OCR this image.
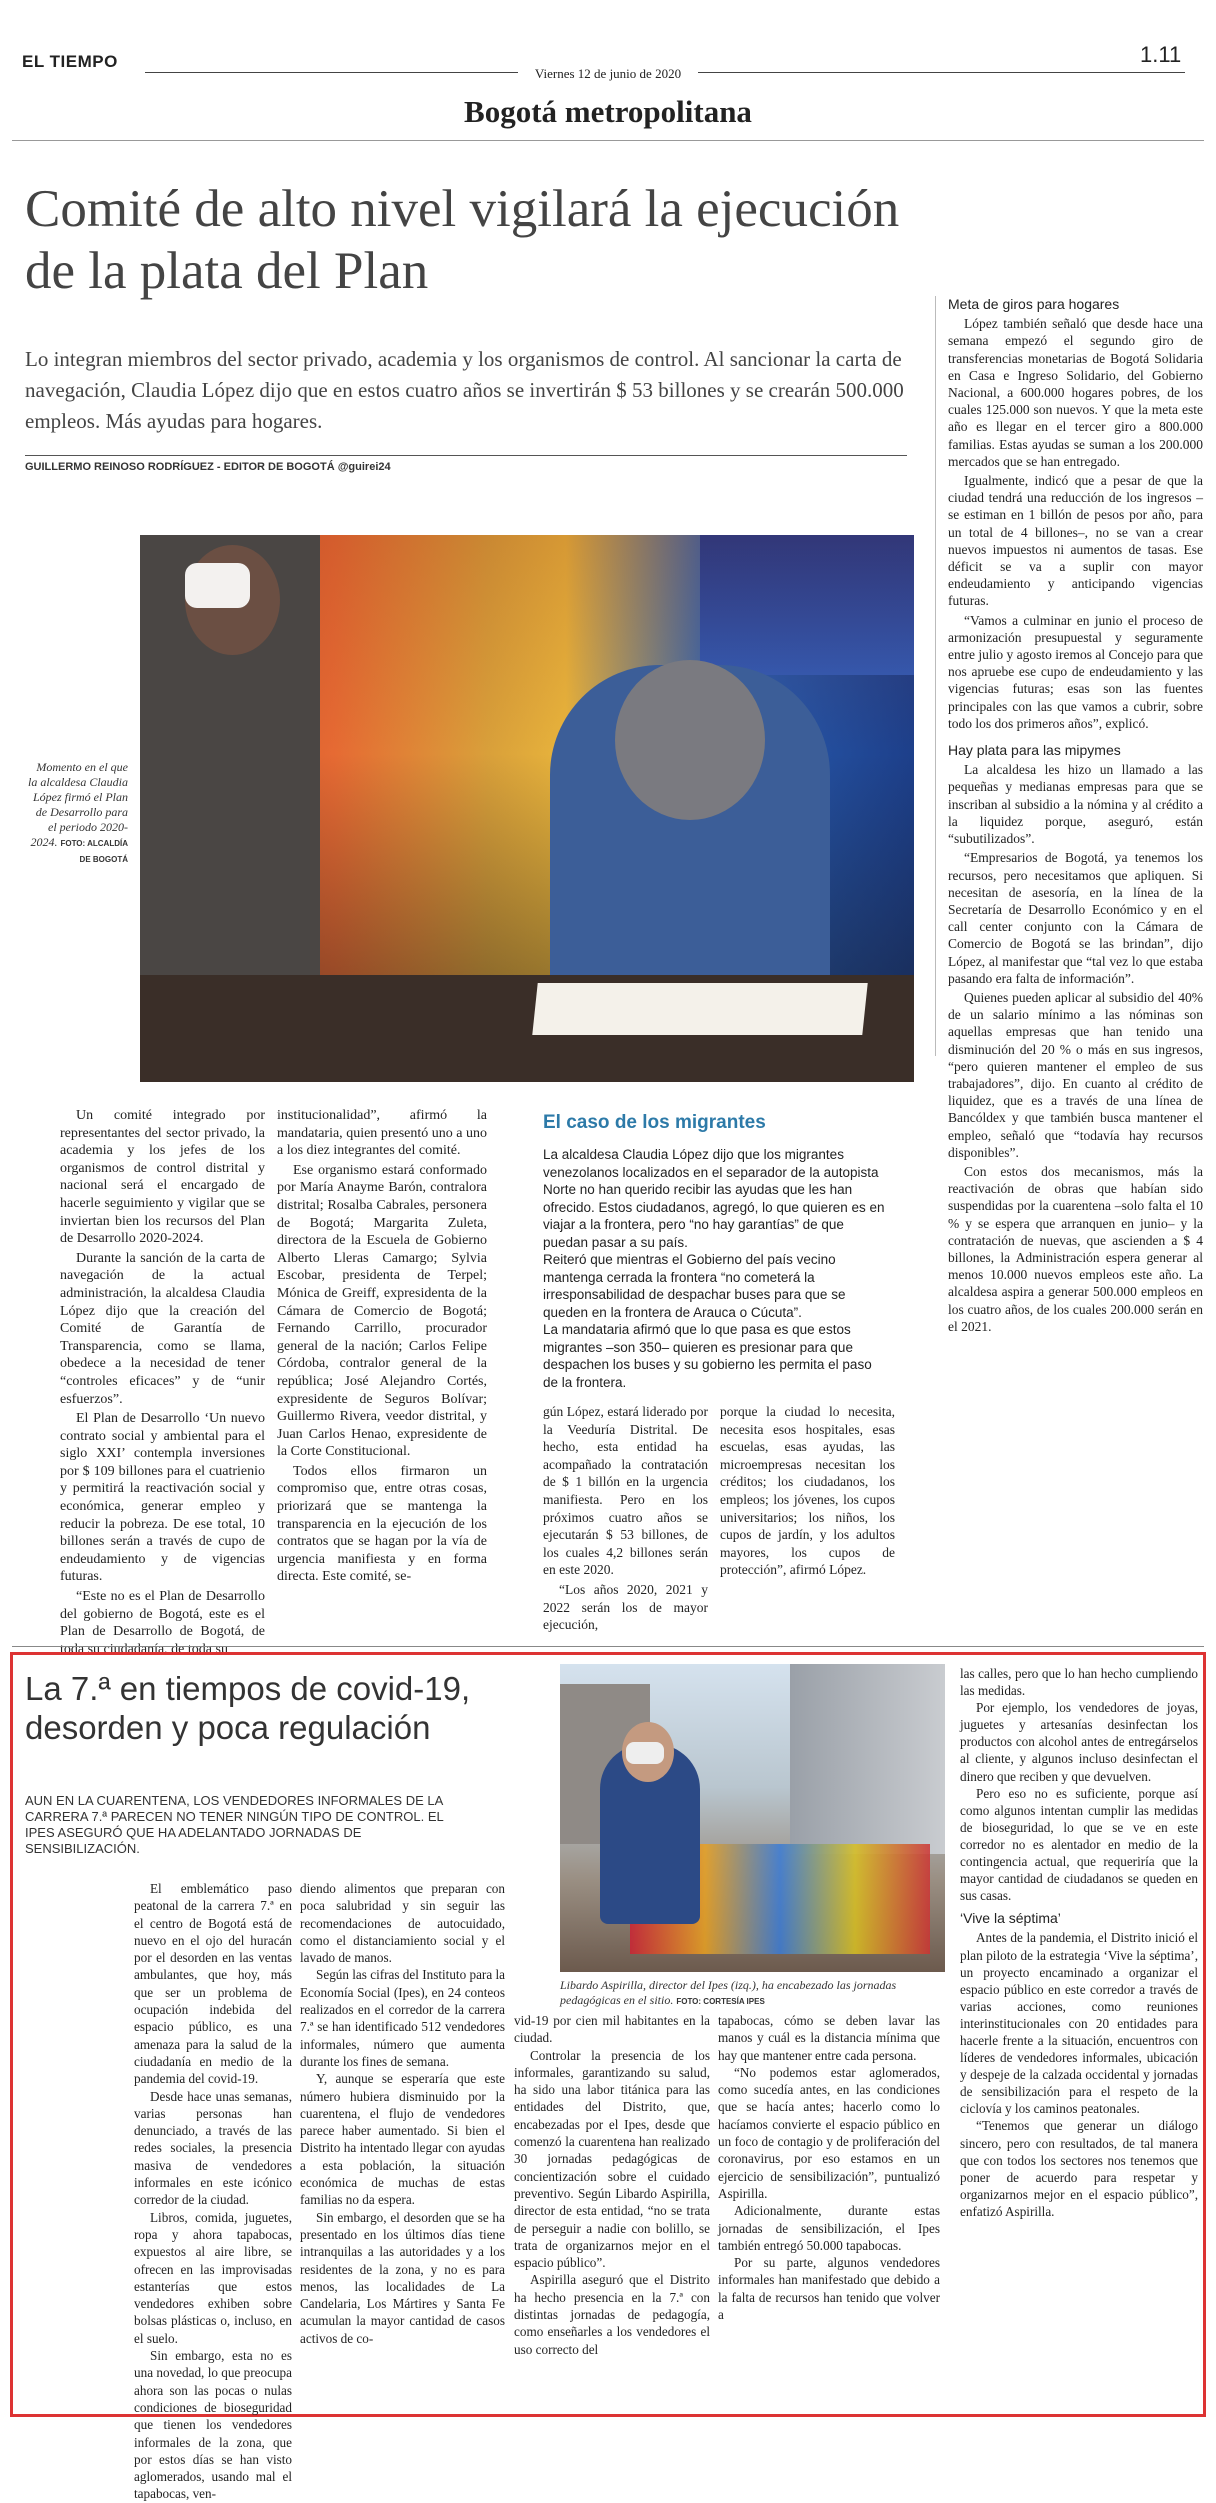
EL TIEMPO
Viernes 12 de junio de 2020
1.11
Bogotá metropolitana
Comité de alto nivel vigilará la ejecución de la plata del Plan
Lo integran miembros del sector privado, academia y los organismos de control. Al sancionar la carta de navegación, Claudia López dijo que en estos cuatro años se invertirán $ 53 billones y se crearán 500.000 empleos. Más ayudas para hogares.
GUILLERMO REINOSO RODRÍGUEZ - EDITOR DE BOGOTÁ @guirei24
Momento en el que la alcaldesa Claudia López firmó el Plan de Desarrollo para el periodo 2020-2024. FOTO: ALCALDÍA DE BOGOTÁ

Un comité integrado por representantes del sector privado, la academia y los jefes de los organismos de control distrital y nacional será el encargado de hacerle seguimiento y vigilar que se inviertan bien los recursos del Plan de Desarrollo 2020-2024.

Durante la sanción de la carta de navegación de la actual administración, la alcaldesa Claudia López dijo que la creación del Comité de Garantía de Transparencia, como se llama, obedece a la necesidad de tener “controles eficaces” y de “unir esfuerzos”.

El Plan de Desarrollo ‘Un nuevo contrato social y ambiental para el siglo XXI’ contempla inversiones por $ 109 billones para el cuatrienio y permitirá la reactivación social y económica, generar empleo y reducir la pobreza. De ese total, 10 billones serán a través de cupo de endeudamiento y de vigencias futuras.

“Este no es el Plan de Desarrollo del gobierno de Bogotá, este es el Plan de Desarrollo de Bogotá, de toda su ciudadanía, de toda su

institucionalidad”, afirmó la mandataria, quien presentó uno a uno a los diez integrantes del comité.

Ese organismo estará conformado por María Anayme Barón, contralora distrital; Rosalba Cabrales, personera de Bogotá; Margarita Zuleta, directora de la Escuela de Gobierno Alberto Lleras Camargo; Sylvia Escobar, presidenta de Terpel; Mónica de Greiff, expresidenta de la Cámara de Comercio de Bogotá; Fernando Carrillo, procurador general de la nación; Carlos Felipe Córdoba, contralor general de la república; José Alejandro Cortés, expresidente de Seguros Bolívar; Guillermo Rivera, veedor distrital, y Juan Carlos Henao, expresidente de la Corte Constitucional.

Todos ellos firmaron un compromiso que, entre otras cosas, priorizará que se mantenga la transparencia en la ejecución de los contratos que se hagan por la vía de urgencia manifiesta y en forma directa. Este comité, se-

El caso de los migrantes

La alcaldesa Claudia López dijo que los migrantes venezolanos localizados en el separador de la autopista Norte no han querido recibir las ayudas que les han ofrecido. Estos ciudadanos, agregó, lo que quieren es en viajar a la frontera, pero “no hay garantías” de que puedan pasar a su país.

Reiteró que mientras el Gobierno del país vecino mantenga cerrada la frontera “no cometerá la irresponsabilidad de despachar buses para que se queden en la frontera de Arauca o Cúcuta”.

La mandataria afirmó que lo que pasa es que estos migrantes –son 350– quieren es presionar para que despachen los buses y su gobierno les permita el paso de la frontera.

gún López, estará liderado por la Veeduría Distrital. De hecho, esta entidad ha acompañado la contratación de $ 1 billón en la urgencia manifiesta. Pero en los próximos cuatro años se ejecutarán $ 53 billones, de los cuales 4,2 billones serán en este 2020.

“Los años 2020, 2021 y 2022 serán los de mayor ejecución,

porque la ciudad lo necesita, necesita esos hospitales, esas escuelas, esas ayudas, las microempresas necesitan los créditos; los ciudadanos, los empleos; los jóvenes, los cupos universitarios; los niños, los cupos de jardín, y los adultos mayores, los cupos de protección”, afirmó López.

Meta de giros para hogares

López también señaló que desde hace una semana empezó el segundo giro de transferencias monetarias de Bogotá Solidaria en Casa e Ingreso Solidario, del Gobierno Nacional, a 600.000 hogares pobres, de los cuales 125.000 son nuevos. Y que la meta este año es llegar en el tercer giro a 800.000 familias. Estas ayudas se suman a los 200.000 mercados que se han entregado.

Igualmente, indicó que a pesar de que la ciudad tendrá una reducción de los ingresos –se estiman en 1 billón de pesos por año, para un total de 4 billones–, no se van a crear nuevos impuestos ni aumentos de tasas. Ese déficit se va a suplir con mayor endeudamiento y anticipando vigencias futuras.

“Vamos a culminar en junio el proceso de armonización presupuestal y seguramente entre julio y agosto iremos al Concejo para que nos apruebe ese cupo de endeudamiento y las vigencias futuras; esas son las fuentes principales con las que vamos a cubrir, sobre todo los dos primeros años”, explicó.

Hay plata para las mipymes

La alcaldesa les hizo un llamado a las pequeñas y medianas empresas para que se inscriban al subsidio a la nómina y al crédito a la liquidez porque, aseguró, están “subutilizados”.

“Empresarios de Bogotá, ya tenemos los recursos, pero necesitamos que apliquen. Si necesitan de asesoría, en la línea de la Secretaría de Desarrollo Económico y en el call center conjunto con la Cámara de Comercio de Bogotá se las brindan”, dijo López, al manifestar que “tal vez lo que estaba pasando era falta de información”.

Quienes pueden aplicar al subsidio del 40% de un salario mínimo a las nóminas son aquellas empresas que han tenido una disminución del 20 % o más en sus ingresos, “pero quieren mantener el empleo de sus trabajadores”, dijo. En cuanto al crédito de liquidez, que es a través de una línea de Bancóldex y que también busca mantener el empleo, señaló que “todavía hay recursos disponibles”.

Con estos dos mecanismos, más la reactivación de obras que habían sido suspendidas por la cuarentena –solo falta el 10 % y se espera que arranquen en junio– y la contratación de nuevas, que ascienden a $ 4 billones, la Administración espera generar al menos 10.000 nuevos empleos este año. La alcaldesa aspira a generar 500.000 empleos en los cuatro años, de los cuales 200.000 serán en el 2021.

La 7.ª en tiempos de covid-19, desorden y poca regulación
AUN EN LA CUARENTENA, LOS VENDEDORES INFORMALES DE LA CARRERA 7.ª PARECEN NO TENER NINGÚN TIPO DE CONTROL. EL IPES ASEGURÓ QUE HA ADELANTADO JORNADAS DE SENSIBILIZACIÓN.
Libardo Aspirilla, director del Ipes (izq.), ha encabezado las jornadas pedagógicas en el sitio. FOTO: CORTESÍA IPES

El emblemático paso peatonal de la carrera 7.ª en el centro de Bogotá está de nuevo en el ojo del huracán por el desorden en las ventas ambulantes, que hoy, más que ser un problema de ocupación indebida del espacio público, es una amenaza para la salud de la ciudadanía en medio de la pandemia del covid-19.

Desde hace unas semanas, varias personas han denunciado, a través de las redes sociales, la presencia masiva de vendedores informales en este icónico corredor de la ciudad.

Libros, comida, juguetes, ropa y ahora tapabocas, expuestos al aire libre, se ofrecen en las improvisadas estanterías que estos vendedores exhiben sobre bolsas plásticas o, incluso, en el suelo.

Sin embargo, esta no es una novedad, lo que preocupa ahora son las pocas o nulas condiciones de bioseguridad que tienen los vendedores informales de la zona, que por estos días se han visto aglomerados, usando mal el tapabocas, ven-

diendo alimentos que preparan con poca salubridad y sin seguir las recomendaciones de autocuidado, como el distanciamiento social y el lavado de manos.

Según las cifras del Instituto para la Economía Social (Ipes), en 24 conteos realizados en el corredor de la carrera 7.ª se han identificado 512 vendedores informales, número que aumenta durante los fines de semana.

Y, aunque se esperaría que este número hubiera disminuido por la cuarentena, el flujo de vendedores parece haber aumentado. Si bien el Distrito ha intentado llegar con ayudas a esta población, la situación económica de muchas de estas familias no da espera.

Sin embargo, el desorden que se ha presentado en los últimos días tiene intranquilas a las autoridades y a los residentes de la zona, y no es para menos, las localidades de La Candelaria, Los Mártires y Santa Fe acumulan la mayor cantidad de casos activos de co-

vid-19 por cien mil habitantes en la ciudad.

Controlar la presencia de los informales, garantizando su salud, ha sido una labor titánica para las entidades del Distrito, que, encabezadas por el Ipes, desde que comenzó la cuarentena han realizado 30 jornadas pedagógicas de concientización sobre el cuidado preventivo. Según Libardo Aspirilla, director de esta entidad, “no se trata de perseguir a nadie con bolillo, se trata de organizarnos mejor en el espacio público”.

Aspirilla aseguró que el Distrito ha hecho presencia en la 7.ª con distintas jornadas de pedagogía, como enseñarles a los vendedores el uso correcto del

tapabocas, cómo se deben lavar las manos y cuál es la distancia mínima que hay que mantener entre cada persona.

“No podemos estar aglomerados, como sucedía antes, en las condiciones que se hacía antes; hacerlo como lo hacíamos convierte el espacio público en un foco de contagio y de proliferación del coronavirus, por eso estamos en un ejercicio de sensibilización”, puntualizó Aspirilla.

Adicionalmente, durante estas jornadas de sensibilización, el Ipes también entregó 50.000 tapabocas.

Por su parte, algunos vendedores informales han manifestado que debido a la falta de recursos han tenido que volver a

las calles, pero que lo han hecho cumpliendo las medidas.

Por ejemplo, los vendedores de joyas, juguetes y artesanías desinfectan los productos con alcohol antes de entregárselos al cliente, y algunos incluso desinfectan el dinero que reciben y que devuelven.

Pero eso no es suficiente, porque así como algunos intentan cumplir las medidas de bioseguridad, lo que se ve en este corredor no es alentador en medio de la contingencia actual, que requeriría que la mayor cantidad de ciudadanos se queden en sus casas.

‘Vive la séptima’

Antes de la pandemia, el Distrito inició el plan piloto de la estrategia ‘Vive la séptima’, un proyecto encaminado a organizar el espacio público en este corredor a través de varias acciones, como reuniones interinstitucionales con 20 entidades para hacerle frente a la situación, encuentros con líderes de vendedores informales, ubicación y despeje de la calzada occidental y jornadas de sensibilización para el respeto de la ciclovía y los caminos peatonales.

“Tenemos que generar un diálogo sincero, pero con resultados, de tal manera que con todos los sectores nos tenemos que poner de acuerdo para respetar y organizarnos mejor en el espacio público”, enfatizó Aspirilla.
